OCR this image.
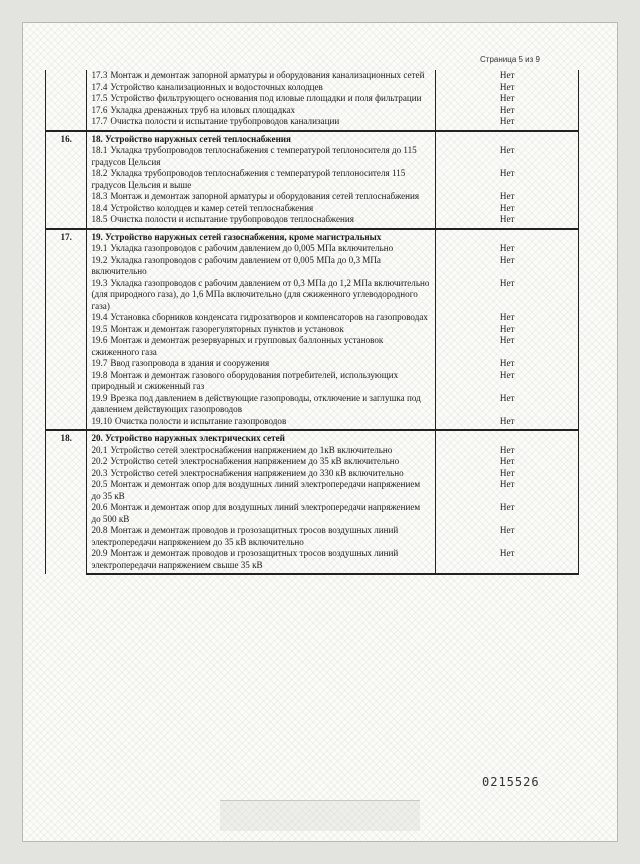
Страница 5 из 9
	17.3 Монтаж и демонтаж запорной арматуры и оборудования канализационных сетей	Нет
	17.4 Устройство канализационных и водосточных колодцев	Нет
	17.5 Устройство фильтрующего основания под иловые площадки и поля фильтрации	Нет
	17.6 Укладка дренажных труб на иловых площадках	Нет
	17.7 Очистка полости и испытание трубопроводов канализации	Нет
16.	18. Устройство наружных сетей теплоснабжения	
	18.1 Укладка трубопроводов теплоснабжения с температурой теплоносителя до 115 градусов Цельсия	Нет
	18.2 Укладка трубопроводов теплоснабжения с температурой теплоносителя 115 градусов Цельсия и выше	Нет
	18.3 Монтаж и демонтаж запорной арматуры и оборудования сетей теплоснабжения	Нет
	18.4 Устройство колодцев и камер сетей теплоснабжения	Нет
	18.5 Очистка полости и испытание трубопроводов теплоснабжения	Нет
17.	19. Устройство наружных сетей газоснабжения, кроме магистральных	
	19.1 Укладка газопроводов с рабочим давлением до 0,005 МПа включительно	Нет
	19.2 Укладка газопроводов с рабочим давлением от 0,005 МПа до 0,3 МПа включительно	Нет
	19.3 Укладка газопроводов с рабочим давлением от 0,3 МПа до 1,2 МПа включительно (для природного газа), до 1,6 МПа включительно (для сжиженного углеводородного газа)	Нет
	19.4 Установка сборников конденсата гидрозатворов и компенсаторов на газопроводах	Нет
	19.5 Монтаж и демонтаж газорегуляторных пунктов и установок	Нет
	19.6 Монтаж и демонтаж резервуарных и групповых баллонных установок сжиженного газа	Нет
	19.7 Ввод газопровода в здания и сооружения	Нет
	19.8 Монтаж и демонтаж газового оборудования потребителей, использующих природный и сжиженный газ	Нет
	19.9 Врезка под давлением в действующие газопроводы, отключение и заглушка под давлением действующих газопроводов	Нет
	19.10 Очистка полости и испытание газопроводов	Нет
18.	20. Устройство наружных электрических сетей	
	20.1 Устройство сетей электроснабжения напряжением до 1кВ включительно	Нет
	20.2 Устройство сетей электроснабжения напряжением до 35 кВ включительно	Нет
	20.3 Устройство сетей электроснабжения напряжением до 330 кВ включительно	Нет
	20.5 Монтаж и демонтаж опор для воздушных линий электропередачи напряжением до 35 кВ	Нет
	20.6 Монтаж и демонтаж опор для воздушных линий электропередачи напряжением до 500 кВ	Нет
	20.8 Монтаж и демонтаж проводов и грозозащитных тросов воздушных линий электропередачи напряжением до 35 кВ включительно	Нет
	20.9 Монтаж и демонтаж проводов и грозозащитных тросов воздушных линий электропередачи напряжением свыше 35 кВ	Нет
0215526
